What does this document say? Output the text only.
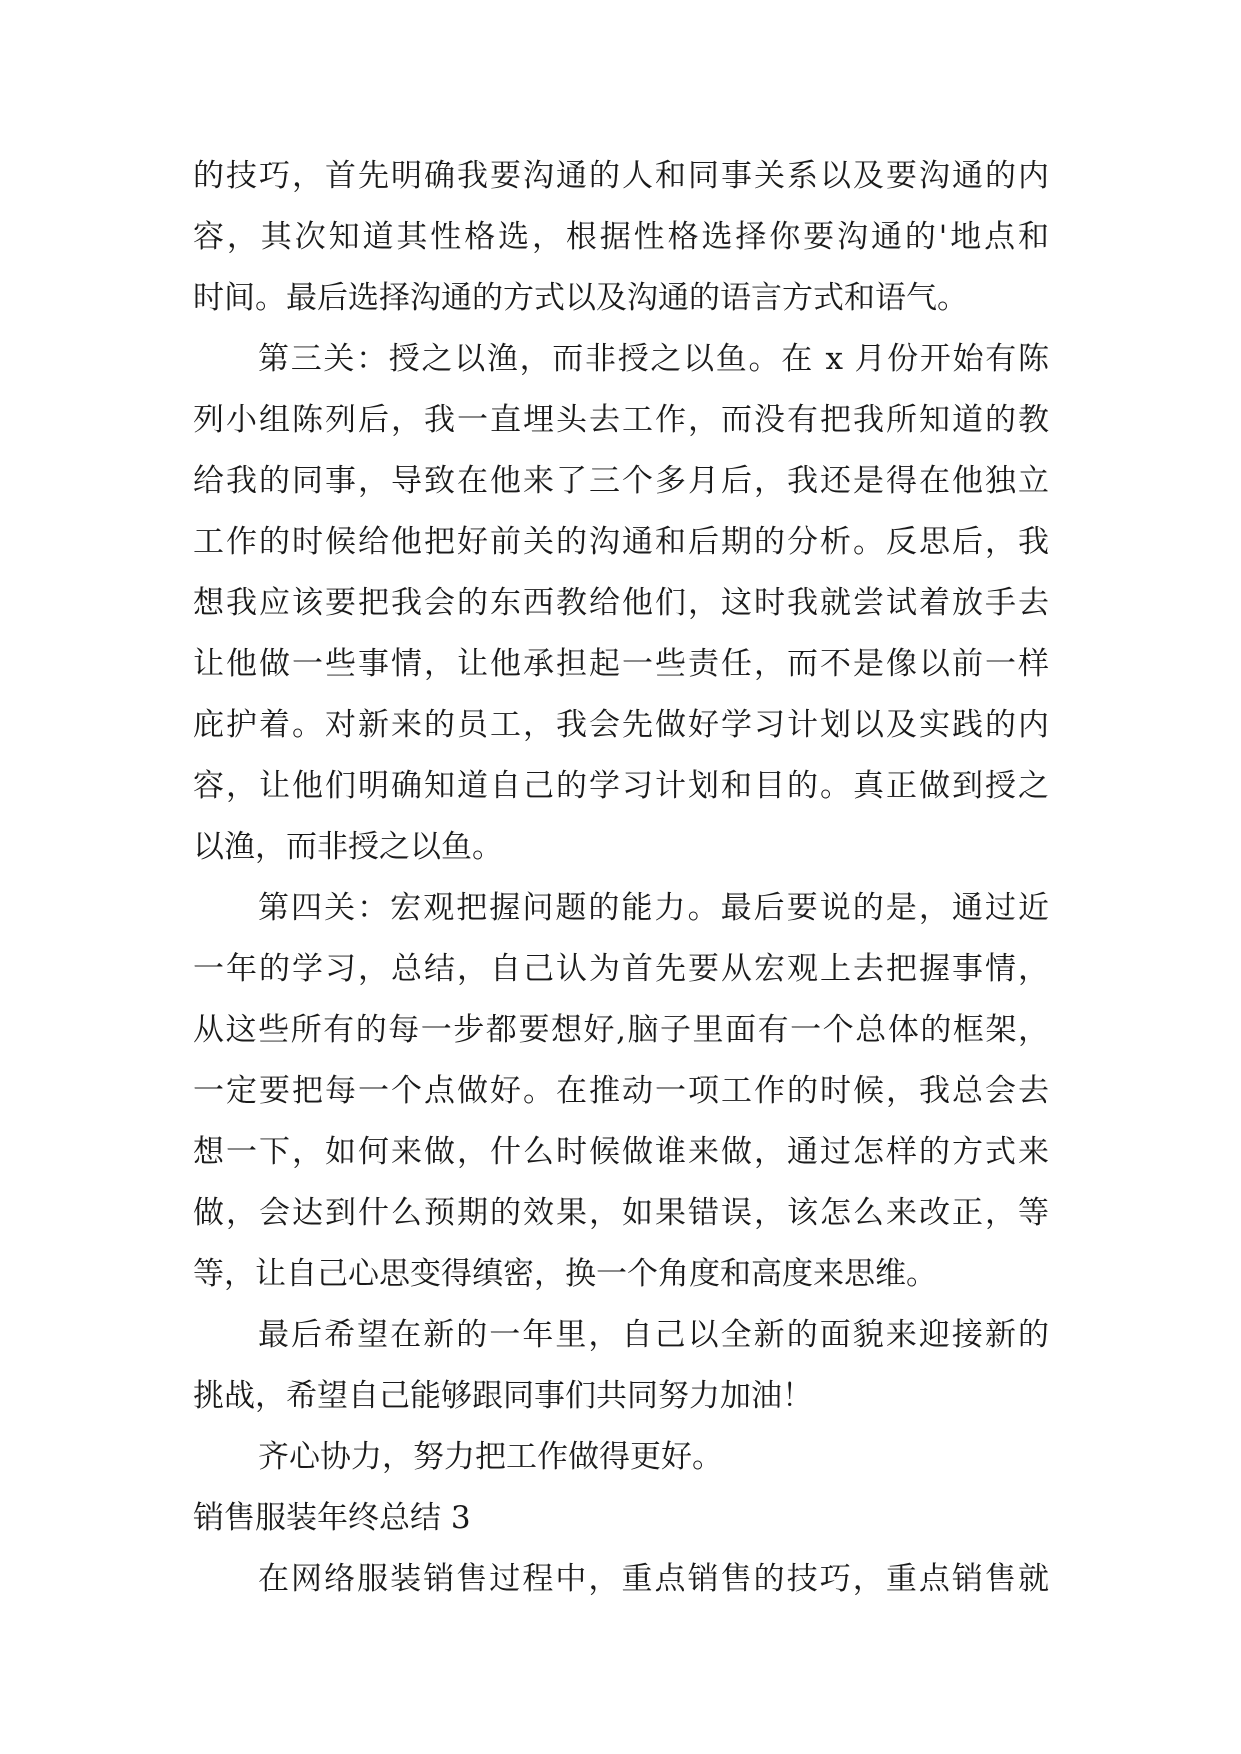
的技巧，首先明确我要沟通的人和同事关系以及要沟通的内
容，其次知道其性格选，根据性格选择你要沟通的'地点和
时间。最后选择沟通的方式以及沟通的语言方式和语气。
第三关：授之以渔，而非授之以鱼。在 x 月份开始有陈
列小组陈列后，我一直埋头去工作，而没有把我所知道的教
给我的同事，导致在他来了三个多月后，我还是得在他独立
工作的时候给他把好前关的沟通和后期的分析。反思后，我
想我应该要把我会的东西教给他们，这时我就尝试着放手去
让他做一些事情，让他承担起一些责任，而不是像以前一样
庇护着。对新来的员工，我会先做好学习计划以及实践的内
容，让他们明确知道自己的学习计划和目的。真正做到授之
以渔，而非授之以鱼。
第四关：宏观把握问题的能力。最后要说的是，通过近
一年的学习，总结，自己认为首先要从宏观上去把握事情，
从这些所有的每一步都要想好,脑子里面有一个总体的框架，
一定要把每一个点做好。在推动一项工作的时候，我总会去
想一下，如何来做，什么时候做谁来做，通过怎样的方式来
做，会达到什么预期的效果，如果错误，该怎么来改正，等
等，让自己心思变得缜密，换一个角度和高度来思维。
最后希望在新的一年里，自己以全新的面貌来迎接新的
挑战，希望自己能够跟同事们共同努力加油！
齐心协力，努力把工作做得更好。
销售服装年终总结 3
在网络服装销售过程中，重点销售的技巧，重点销售就
